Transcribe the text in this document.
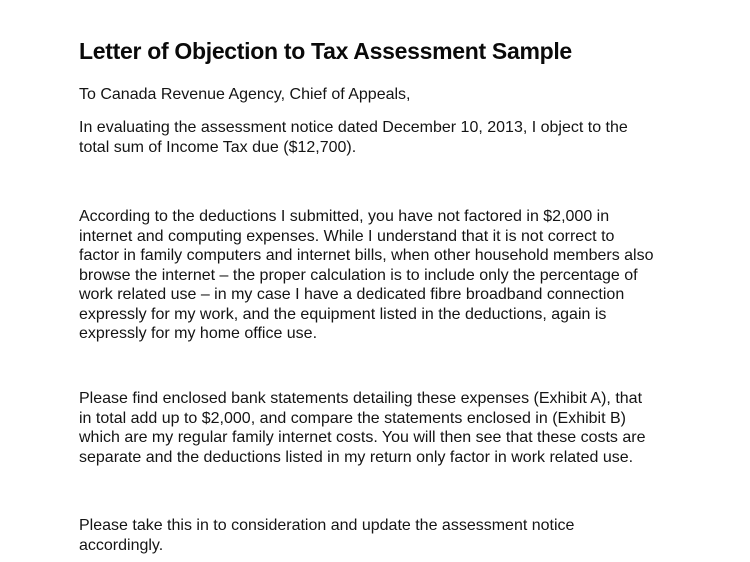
Letter of Objection to Tax Assessment Sample

To Canada Revenue Agency, Chief of Appeals,

In evaluating the assessment notice dated December 10, 2013, I object to the
total sum of Income Tax due ($12,700).

According to the deductions I submitted, you have not factored in $2,000 in
internet and computing expenses. While I understand that it is not correct to
factor in family computers and internet bills, when other household members also
browse the internet – the proper calculation is to include only the percentage of
work related use – in my case I have a dedicated fibre broadband connection
expressly for my work, and the equipment listed in the deductions, again is
expressly for my home office use.

Please find enclosed bank statements detailing these expenses (Exhibit A), that
in total add up to $2,000, and compare the statements enclosed in (Exhibit B)
which are my regular family internet costs. You will then see that these costs are
separate and the deductions listed in my return only factor in work related use.

Please take this in to consideration and update the assessment notice
accordingly.
